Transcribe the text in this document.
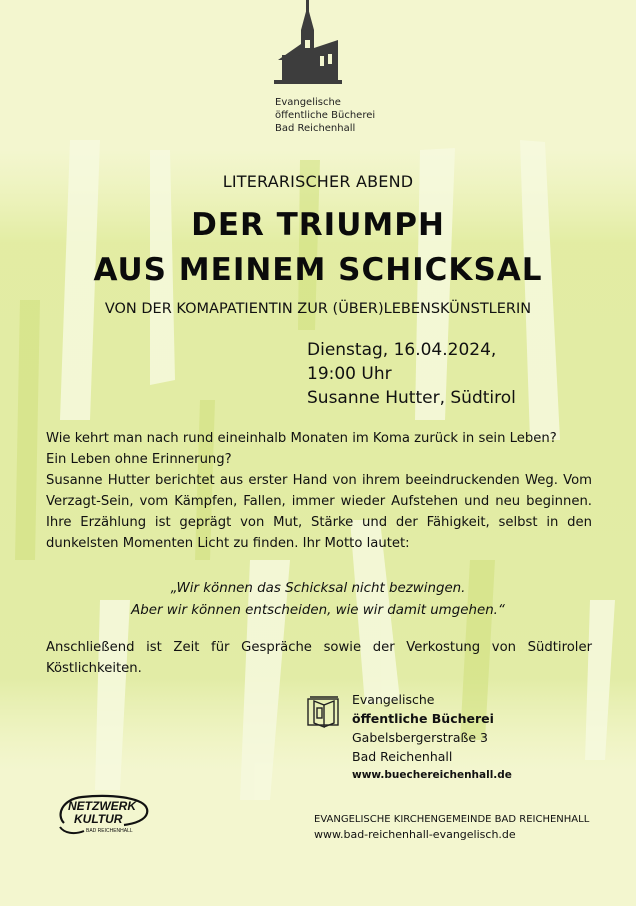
Evangelische
öffentliche Bücherei
Bad Reichenhall
LITERARISCHER ABEND
DER TRIUMPH
AUS MEINEM SCHICKSAL
VON DER KOMAPATIENTIN ZUR (ÜBER)LEBENSKÜNSTLERIN
Dienstag, 16.04.2024,
19:00 Uhr
Susanne Hutter, Südtirol
Wie kehrt man nach rund eineinhalb Monaten im Koma zurück in sein Leben?
Ein Leben ohne Erinnerung?

Susanne Hutter berichtet aus erster Hand von ihrem beeindruckenden Weg. Vom Verzagt-Sein, vom Kämpfen, Fallen, immer wieder Aufstehen und neu beginnen. Ihre Erzählung ist geprägt von Mut, Stärke und der Fähigkeit, selbst in den dunkelsten Momenten Licht zu finden. Ihr Motto lautet:

„Wir können das Schicksal nicht bezwingen.
Aber wir können entscheiden, wie wir damit umgehen.“

Anschließend ist Zeit für Gespräche sowie der Verkostung von Südtiroler Köstlichkeiten.

Evangelische
öffentliche Bücherei
Gabelsbergerstraße 3
Bad Reichenhall
www.buechereichenhall.de
NETZWERK
KULTUR
BAD REICHENHALL
EVANGELISCHE KIRCHENGEMEINDE BAD REICHENHALL
www.bad-reichenhall-evangelisch.de
